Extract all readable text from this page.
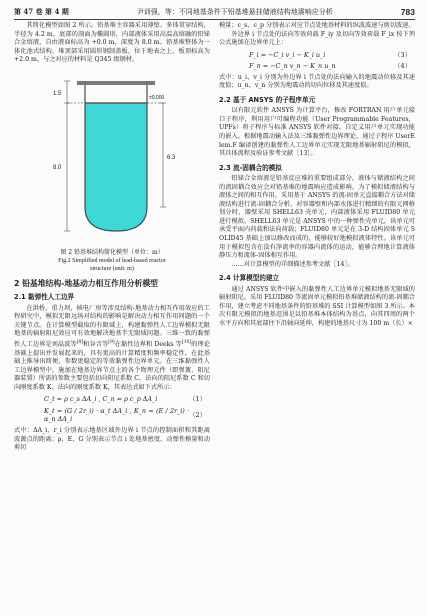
第 47 卷 第 4 期	尹训强，等：不同地基条件下铅基堆悬挂储液结构地震响应分析	783

其简化模型如图 2 所示。铅基堆主容器采用薄壁、多体贯穿结构，半径为 4.2 m，底部的剖面为椭圆形，内部液体采用高温高熔融的铅铋合金熔液，自由液面标高为 +0.0 m，深度为 8.0 m。铅基堆整体为一体化池式结构，堆顶部采用圆形钢制盖板，位于地表之上，板顶标高为 +2.0 m，与之对应的材料是 Q345 级钢材。

1.5
8.0
6.3
±0.000
图 2 铅基堆结构简化模型（单位：m）
Fig.2 Simplified model of lead-based reactor
structure (unit: m)
2 铅基堆结构-地基动力相互作用分析模型
2.1 黏弹性人工边界

在洪桥，重力坝，核电厂房等涉及结构-地基动力相互作用效应的工程研究中，模拟无限远场对结构的影响是解决动力相互作用问题的一个关键节点。在计算模型截取的有限域上，构建黏弹性人工边界模拟无限地基的辐射阻尼效应可有效地解决地基半无限域问题。三维一致的黏弹性人工边界是刘晶波等[8]和谷音等[9]在黏性边界和 Deeks 等[10]的理论基础上提出并发展起来的，具有更高的计算精度和频率稳定性，在此基础上推导出简便、参数更稳定的等效黏弹性边界单元。在三维黏弹性人工边界模型中，施加在地基边界节点上的各个物理元件（即弹簧、阻尼器装置）所需的参数主要包括切向阻尼系数 C、法向的阻尼系数 C 和切向刚度系数 K、法向的刚度系数 K，其表达式如下式所示：

C_t = ρ c_s ΔA_i , C_n = ρ c_p ΔA_i	（1）
K_t = (G / 2r_i) · α_t ΔA_i , K_n = (E / 2r_i) · α_n ΔA_i
（2）

式中：ΔA_i、r_i 分别表示地基区域外边界 i 节点的控制面积和其距离波源点的距离；ρ、E、G 分别表示节点 i 处地基密度、动弹性模量和动剪切

模量；c_s、c_p 分别表示对应节点处地基材料的纵波波速与剪切波速。

外边界 i 节点处的法向等效荷载 F_iy 及切向等效荷载 F_ix 按下列公式施加在边界单元上：

F_i = −C_i v_i − K_i u_i	（3）
F_n = −C_n v_n − K_n u_n	（4）

式中：u_i、v_i 分别为外边界 i 节点处的法向输入的地震动位移及其速度值；u_n、v_n 分别为地震动的切向位移及其速度值。

2.2 基于 ANSYS 的子程序单元

以有限元软件 ANSYS 为计算平台，修改 FORTRAN 用户单元接口子程序，利用用户可编程功能（User Programmable Features，UPFs）将子程序与标准 ANSYS 软件对接，自定义用户单元实现功能的嵌入。根据地震动输入法及三维黏弹性边界理论，通过子程序 UserElem.F 编译创建的黏弹性人工边界单元实现无限地基辐射阻尼的模拟，其具体流程及验证参考文献［13］。

2.3 流-固耦合的模拟

铅铋合金熔液是铅基反应堆的重要组成部分，液体与储液结构之间的流固耦合效应会对铅基堆的地震响应造成影响。为了模拟储液结构与液体之间的相互作用，采用基于 ANSYS 的流-固单元直接耦合方法对储液结构进行流-固耦合分析。对容器壁和内部水体进行精细的有限元网格划分时，器壁采用 SHELL63 壳单元，内部液体采用 FLUID80 单元进行模拟。SHELL63 单元是 ANSYS 中的一种弹性壳单元，该单元可承受平面内荷载和法向荷载；FLUID80 单元是在 3-D 结构固体单元 SOLID45 基础上加以修改而成的，能够较好地模拟液体特性。该单元可用于模拟包含在没有净流率的容器内流体的运动，能够合理地计算液体静压力和流体-固体相互作用。

……对计算模型的详细描述参考文献［14］。

2.4 计算模型的建立

通过 ANSYS 软件中嵌入的黏弹性人工边界单元模拟地基无限域的辐射阻尼，采用 FLUID80 等流固单元模拟铅基堆储液结构的流-固耦合作用，建立考虑不同地基条件的铅基堆的 SSI 计算模型如图 3 所示。本次有限元模拟的地基范围是以铅基堆本体结构为基点，向其四周的两个水平方向和其底部往下沿轴向延伸，构建的地基尺寸为 100 m（长）×
